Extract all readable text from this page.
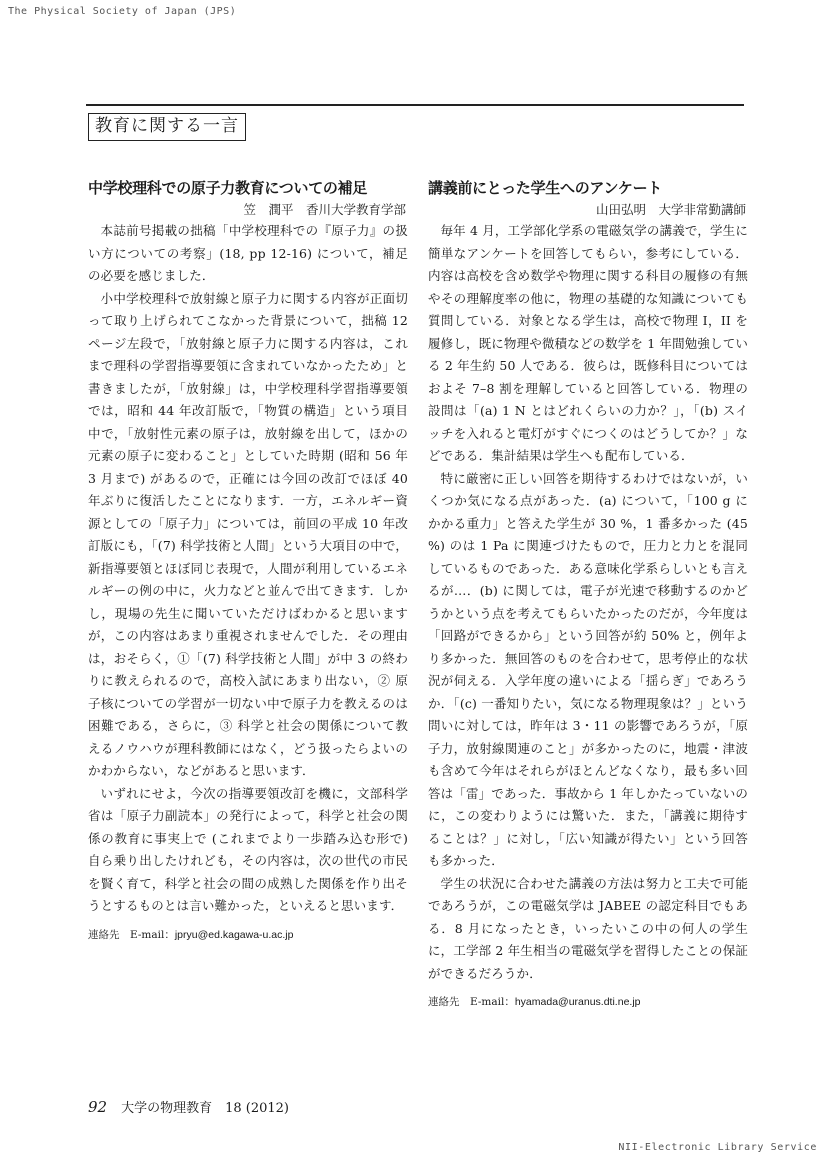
The Physical Society of Japan (JPS)
教育に関する一言
中学校理科での原子力教育についての補足

笠　潤平　香川大学教育学部

本誌前号掲載の拙稿「中学校理科での『原子力』の扱い方についての考察」(18, pp 12-16) について，補足の必要を感じました．

小中学校理科で放射線と原子力に関する内容が正面切って取り上げられてこなかった背景について，拙稿 12 ページ左段で，「放射線と原子力に関する内容は，これまで理科の学習指導要領に含まれていなかったため」と書きましたが，「放射線」は，中学校理科学習指導要領では，昭和 44 年改訂版で，「物質の構造」という項目中で，「放射性元素の原子は，放射線を出して，ほかの元素の原子に変わること」としていた時期 (昭和 56 年 3 月まで) があるので，正確には今回の改訂でほぼ 40 年ぶりに復活したことになります．一方，エネルギー資源としての「原子力」については，前回の平成 10 年改訂版にも，「(7) 科学技術と人間」という大項目の中で，新指導要領とほぼ同じ表現で，人間が利用しているエネルギーの例の中に，火力などと並んで出てきます．しかし，現場の先生に聞いていただけばわかると思いますが，この内容はあまり重視されませんでした．その理由は，おそらく，①「(7) 科学技術と人間」が中 3 の終わりに教えられるので，高校入試にあまり出ない，② 原子核についての学習が一切ない中で原子力を教えるのは困難である，さらに，③ 科学と社会の関係について教えるノウハウが理科教師にはなく，どう扱ったらよいのかわからない，などがあると思います．

いずれにせよ，今次の指導要領改訂を機に，文部科学省は「原子力副読本」の発行によって，科学と社会の関係の教育に事実上で (これまでより一歩踏み込む形で) 自ら乗り出したけれども，その内容は，次の世代の市民を賢く育て，科学と社会の間の成熟した関係を作り出そうとするものとは言い難かった，といえると思います．

連絡先　E-mail：jpryu@ed.kagawa-u.ac.jp
講義前にとった学生へのアンケート

山田弘明　大学非常勤講師

毎年 4 月，工学部化学系の電磁気学の講義で，学生に簡単なアンケートを回答してもらい，参考にしている．内容は高校を含め数学や物理に関する科目の履修の有無やその理解度率の他に，物理の基礎的な知識についても質問している．対象となる学生は，高校で物理 I，II を履修し，既に物理や微積などの数学を 1 年間勉強している 2 年生約 50 人である．彼らは，既修科目についてはおよそ 7–8 割を理解していると回答している．物理の設問は「(a) 1 N とはどれくらいの力か？」，「(b) スイッチを入れると電灯がすぐにつくのはどうしてか？」などである．集計結果は学生へも配布している．

特に厳密に正しい回答を期待するわけではないが，いくつか気になる点があった．(a) について，「100 g にかかる重力」と答えた学生が 30 %，1 番多かった (45 %) のは 1 Pa に関連づけたもので，圧力と力とを混同しているものであった．ある意味化学系らしいとも言えるが…．(b) に関しては，電子が光速で移動するのかどうかという点を考えてもらいたかったのだが，今年度は「回路ができるから」という回答が約 50% と，例年より多かった．無回答のものを合わせて，思考停止的な状況が伺える．入学年度の違いによる「揺らぎ」であろうか．「(c) 一番知りたい，気になる物理現象は？」という問いに対しては，昨年は 3・11 の影響であろうが，「原子力，放射線関連のこと」が多かったのに，地震・津波も含めて今年はそれらがほとんどなくなり，最も多い回答は「雷」であった．事故から 1 年しかたっていないのに，この変わりようには驚いた．また，「講義に期待することは？」に対し，「広い知識が得たい」という回答も多かった．

学生の状況に合わせた講義の方法は努力と工夫で可能であろうが，この電磁気学は JABEE の認定科目でもある．8 月になったとき，いったいこの中の何人の学生に，工学部 2 年生相当の電磁気学を習得したことの保証ができるだろうか．

連絡先　E-mail：hyamada@uranus.dti.ne.jp
92 大学の物理教育　18 (2012)
NII-Electronic Library Service
